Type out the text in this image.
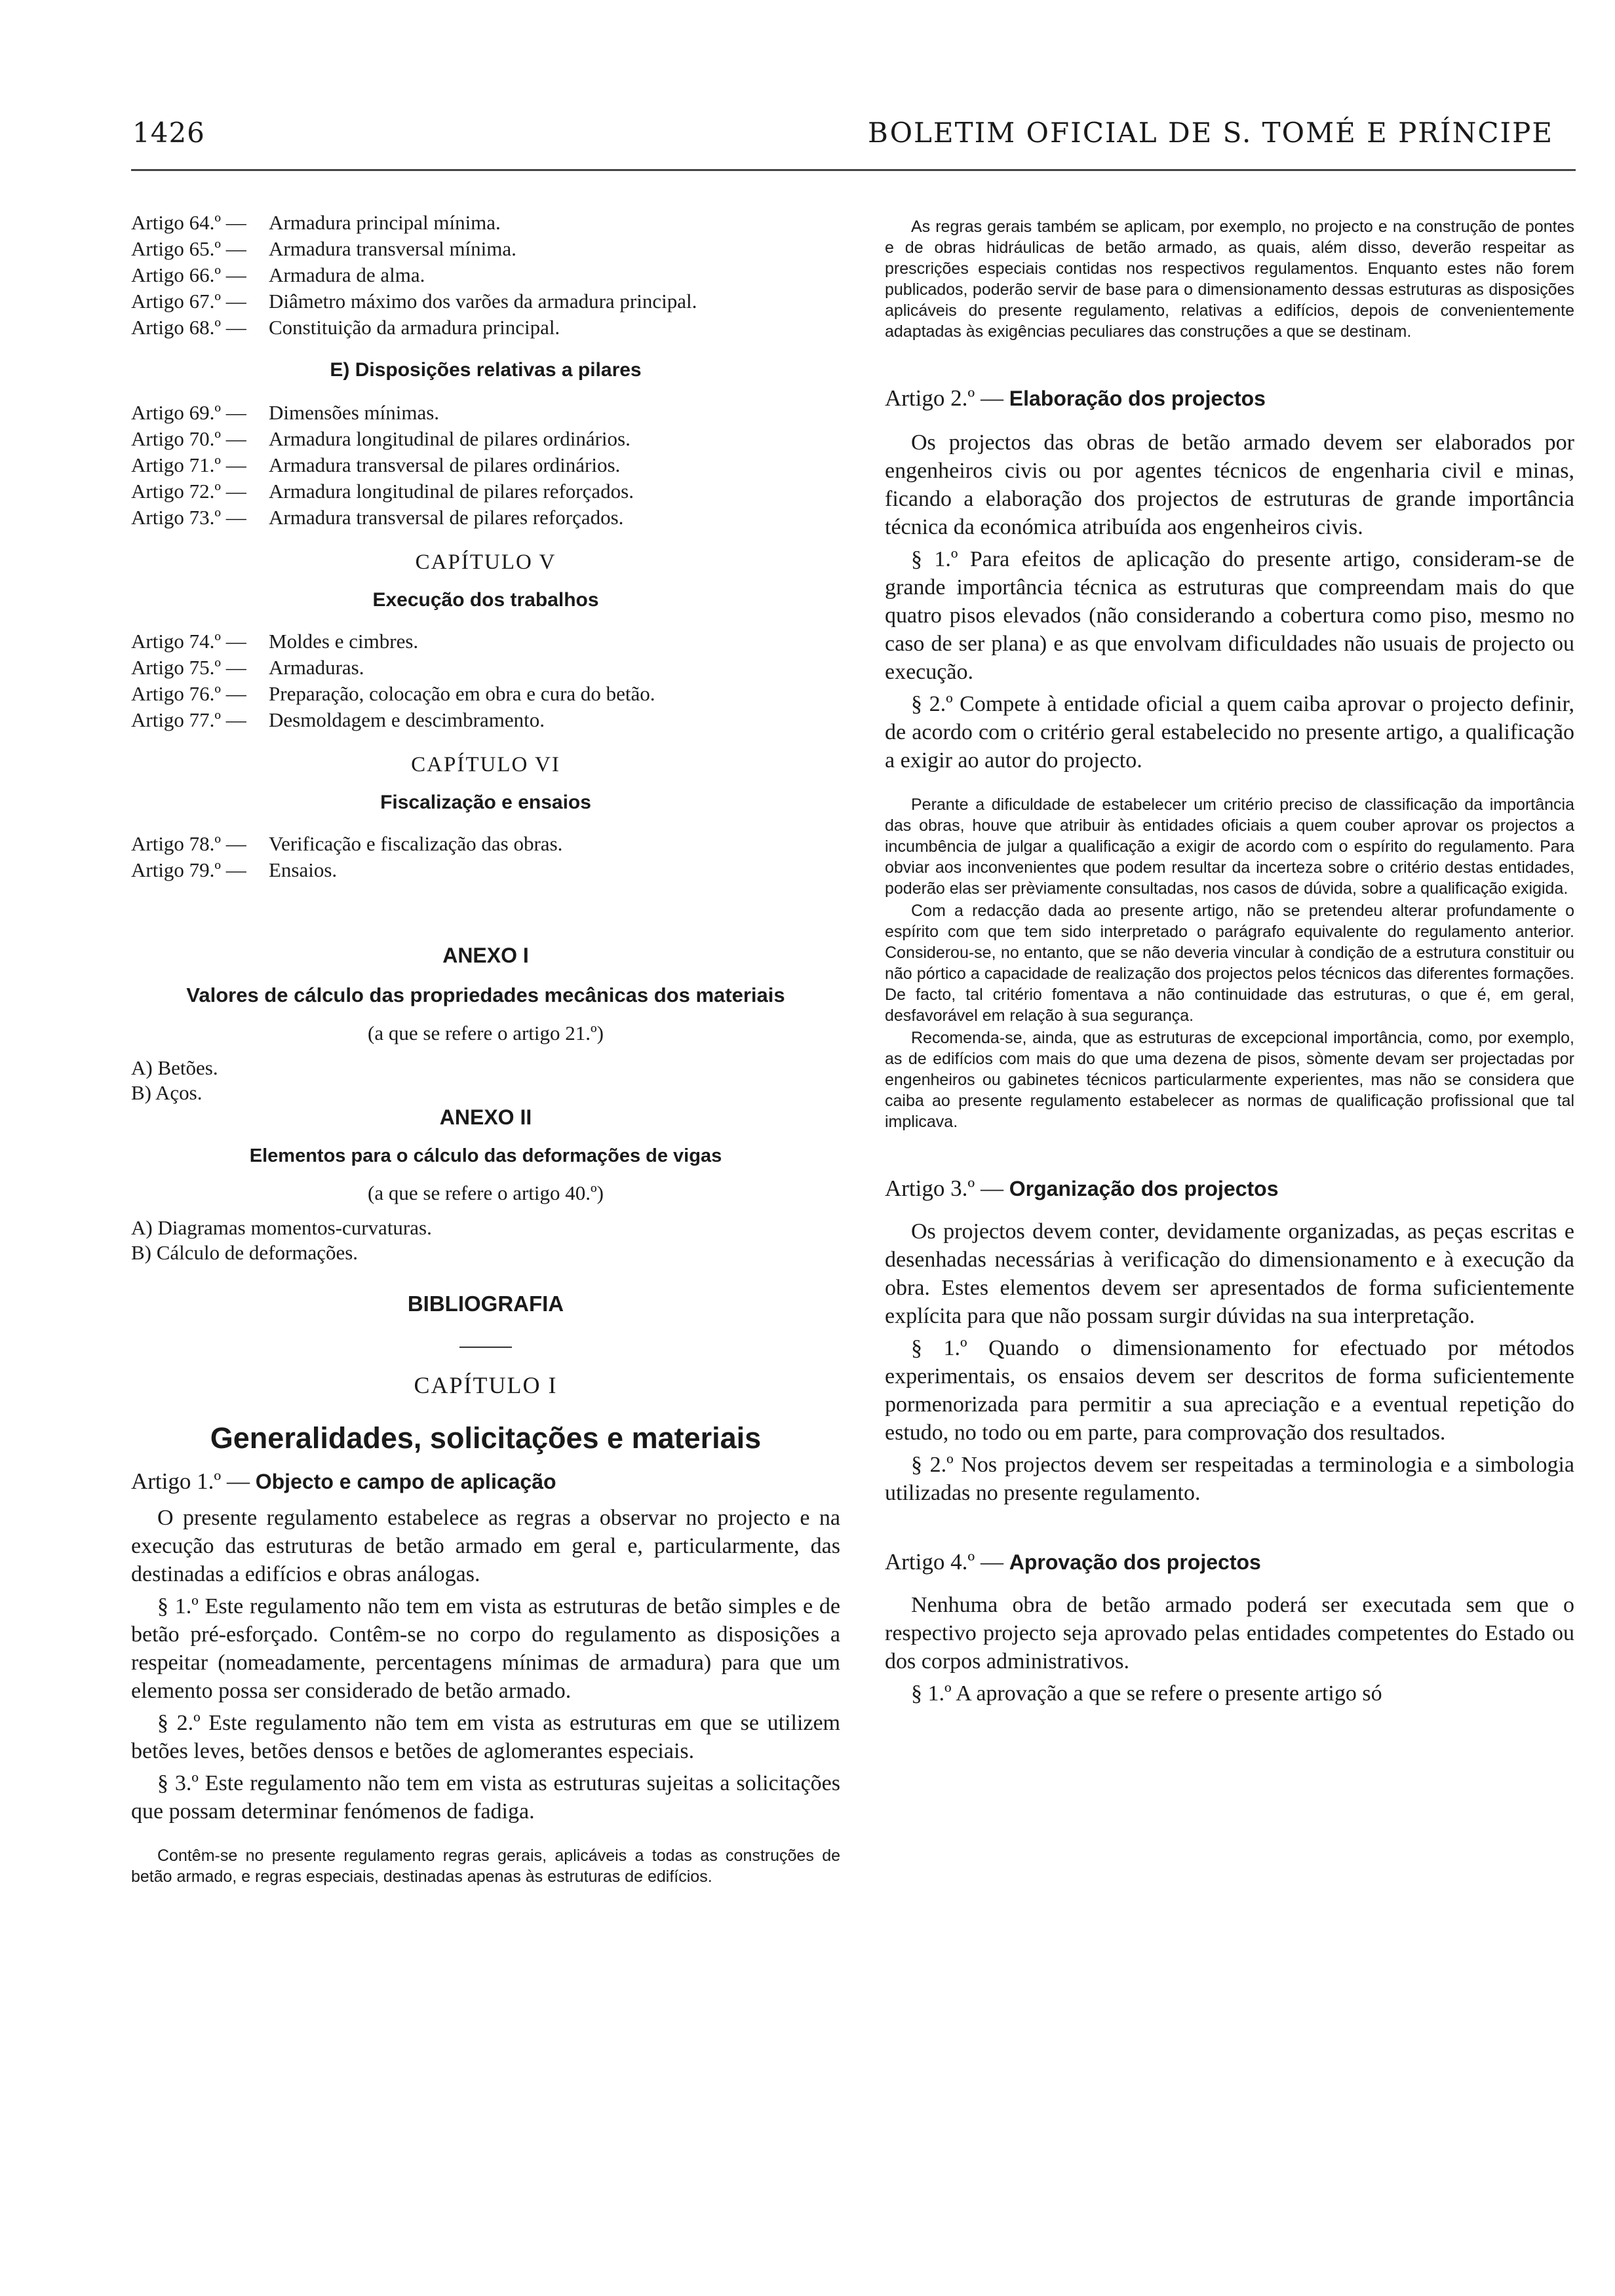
1426	BOLETIM OFICIAL DE S. TOMÉ E PRÍNCIPE
Artigo 64.º —	Armadura principal mínima.
Artigo 65.º —	Armadura transversal mínima.
Artigo 66.º —	Armadura de alma.
Artigo 67.º —	Diâmetro máximo dos varões da armadura principal.
Artigo 68.º —	Constituição da armadura principal.
E) Disposições relativas a pilares
Artigo 69.º —	Dimensões mínimas.
Artigo 70.º —	Armadura longitudinal de pilares ordinários.
Artigo 71.º —	Armadura transversal de pilares ordinários.
Artigo 72.º —	Armadura longitudinal de pilares reforçados.
Artigo 73.º —	Armadura transversal de pilares reforçados.
CAPÍTULO V
Execução dos trabalhos
Artigo 74.º —	Moldes e cimbres.
Artigo 75.º —	Armaduras.
Artigo 76.º —	Preparação, colocação em obra e cura do betão.
Artigo 77.º —	Desmoldagem e descimbramento.
CAPÍTULO VI
Fiscalização e ensaios
Artigo 78.º —	Verificação e fiscalização das obras.
Artigo 79.º —	Ensaios.
ANEXO I
Valores de cálculo das propriedades mecânicas dos materiais
(a que se refere o artigo 21.º)
A) Betões.
B) Aços.
ANEXO II
Elementos para o cálculo das deformações de vigas
(a que se refere o artigo 40.º)
A) Diagramas momentos-curvaturas.
B) Cálculo de deformações.
BIBLIOGRAFIA
CAPÍTULO I
Generalidades, solicitações e materiais
Artigo 1.º — Objecto e campo de aplicação

O presente regulamento estabelece as regras a observar no projecto e na execução das estruturas de betão armado em geral e, particularmente, das destinadas a edifícios e obras análogas.

§ 1.º Este regulamento não tem em vista as estruturas de betão simples e de betão pré-esforçado. Contêm-se no corpo do regulamento as disposições a respeitar (nomeadamente, percentagens mínimas de armadura) para que um elemento possa ser considerado de betão armado.

§ 2.º Este regulamento não tem em vista as estruturas em que se utilizem betões leves, betões densos e betões de aglomerantes especiais.

§ 3.º Este regulamento não tem em vista as estruturas sujeitas a solicitações que possam determinar fenómenos de fadiga.

Contêm-se no presente regulamento regras gerais, aplicáveis a todas as construções de betão armado, e regras especiais, destinadas apenas às estruturas de edifícios.

As regras gerais também se aplicam, por exemplo, no projecto e na construção de pontes e de obras hidráulicas de betão armado, as quais, além disso, deverão respeitar as prescrições especiais contidas nos respectivos regulamentos. Enquanto estes não forem publicados, poderão servir de base para o dimensionamento dessas estruturas as disposições aplicáveis do presente regulamento, relativas a edifícios, depois de convenientemente adaptadas às exigências peculiares das construções a que se destinam.

Artigo 2.º — Elaboração dos projectos

Os projectos das obras de betão armado devem ser elaborados por engenheiros civis ou por agentes técnicos de engenharia civil e minas, ficando a elaboração dos projectos de estruturas de grande importância técnica da económica atribuída aos engenheiros civis.

§ 1.º Para efeitos de aplicação do presente artigo, consideram-se de grande importância técnica as estruturas que compreendam mais do que quatro pisos elevados (não considerando a cobertura como piso, mesmo no caso de ser plana) e as que envolvam dificuldades não usuais de projecto ou execução.

§ 2.º Compete à entidade oficial a quem caiba aprovar o projecto definir, de acordo com o critério geral estabelecido no presente artigo, a qualificação a exigir ao autor do projecto.

Perante a dificuldade de estabelecer um critério preciso de classificação da importância das obras, houve que atribuir às entidades oficiais a quem couber aprovar os projectos a incumbência de julgar a qualificação a exigir de acordo com o espírito do regulamento. Para obviar aos inconvenientes que podem resultar da incerteza sobre o critério destas entidades, poderão elas ser prèviamente consultadas, nos casos de dúvida, sobre a qualificação exigida.

Com a redacção dada ao presente artigo, não se pretendeu alterar profundamente o espírito com que tem sido interpretado o parágrafo equivalente do regulamento anterior. Considerou-se, no entanto, que se não deveria vincular à condição de a estrutura constituir ou não pórtico a capacidade de realização dos projectos pelos técnicos das diferentes formações. De facto, tal critério fomentava a não continuidade das estruturas, o que é, em geral, desfavorável em relação à sua segurança.

Recomenda-se, ainda, que as estruturas de excepcional importância, como, por exemplo, as de edifícios com mais do que uma dezena de pisos, sòmente devam ser projectadas por engenheiros ou gabinetes técnicos particularmente experientes, mas não se considera que caiba ao presente regulamento estabelecer as normas de qualificação profissional que tal implicava.

Artigo 3.º — Organização dos projectos

Os projectos devem conter, devidamente organizadas, as peças escritas e desenhadas necessárias à verificação do dimensionamento e à execução da obra. Estes elementos devem ser apresentados de forma suficientemente explícita para que não possam surgir dúvidas na sua interpretação.

§ 1.º Quando o dimensionamento for efectuado por métodos experimentais, os ensaios devem ser descritos de forma suficientemente pormenorizada para permitir a sua apreciação e a eventual repetição do estudo, no todo ou em parte, para comprovação dos resultados.

§ 2.º Nos projectos devem ser respeitadas a terminologia e a simbologia utilizadas no presente regulamento.

Artigo 4.º — Aprovação dos projectos

Nenhuma obra de betão armado poderá ser executada sem que o respectivo projecto seja aprovado pelas entidades competentes do Estado ou dos corpos administrativos.

§ 1.º A aprovação a que se refere o presente artigo só
